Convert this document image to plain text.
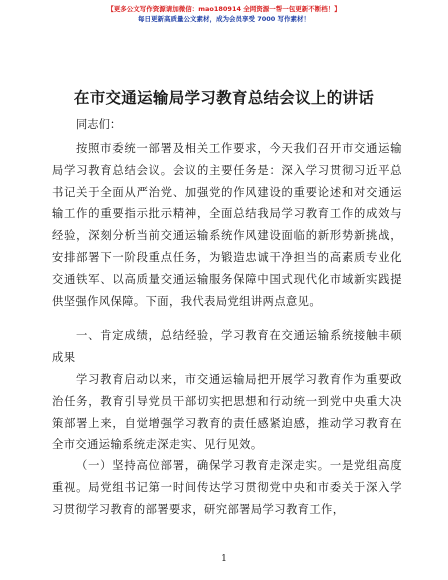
【更多公文写作资源请加微信：mao180914 全网资源一帮一包更新不断档！】
每日更新高质量公文素材，成为会员享受 7000 写作素材！
在市交通运输局学习教育总结会议上的讲话

同志们：

按照市委统一部署及相关工作要求，今天我们召开市交通运输局学习教育总结会议。会议的主要任务是：深入学习贯彻习近平总书记关于全面从严治党、加强党的作风建设的重要论述和对交通运输工作的重要指示批示精神，全面总结我局学习教育工作的成效与经验，深刻分析当前交通运输系统作风建设面临的新形势新挑战，安排部署下一阶段重点任务，为锻造忠诚干净担当的高素质专业化交通铁军、以高质量交通运输服务保障中国式现代化市域新实践提供坚强作风保障。下面，我代表局党组讲两点意见。

一、肯定成绩，总结经验，学习教育在交通运输系统接触丰硕成果

学习教育启动以来，市交通运输局把开展学习教育作为重要政治任务，教育引导党员干部切实把思想和行动统一到党中央重大决策部署上来，自觉增强学习教育的责任感紧迫感，推动学习教育在全市交通运输系统走深走实、见行见效。

（一）坚持高位部署，确保学习教育走深走实。一是党组高度重视。局党组书记第一时间传达学习贯彻党中央和市委关于深入学习贯彻学习教育的部署要求，研究部署局学习教育工作，

1
